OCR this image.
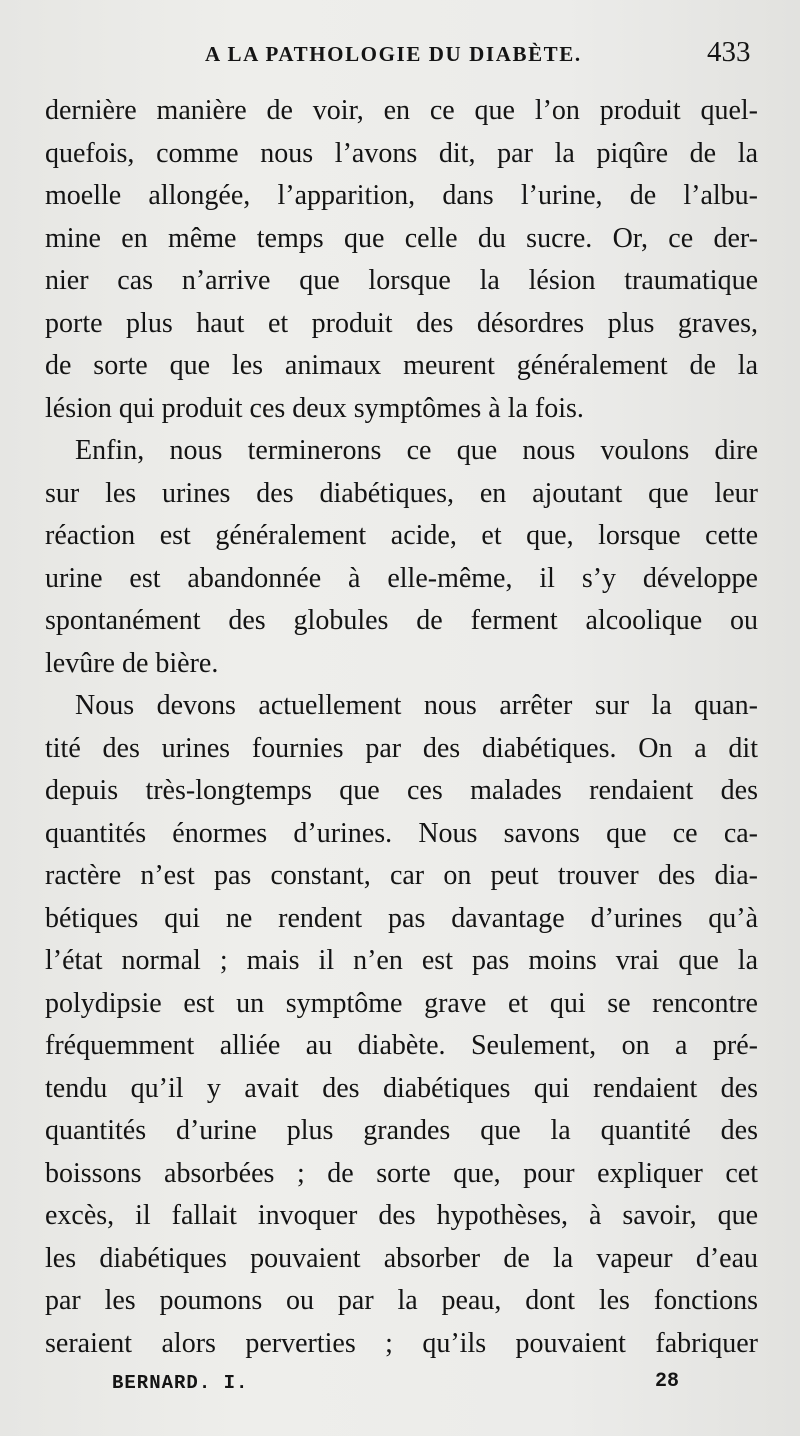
A LA PATHOLOGIE DU DIABÈTE.	433
dernière manière de voir, en ce que l’on produit quel-
quefois, comme nous l’avons dit, par la piqûre de la
moelle allongée, l’apparition, dans l’urine, de l’albu-
mine en même temps que celle du sucre. Or, ce der-
nier cas n’arrive que lorsque la lésion traumatique
porte plus haut et produit des désordres plus graves,
de sorte que les animaux meurent généralement de la
lésion qui produit ces deux symptômes à la fois.
Enfin, nous terminerons ce que nous voulons dire
sur les urines des diabétiques, en ajoutant que leur
réaction est généralement acide, et que, lorsque cette
urine est abandonnée à elle-même, il s’y développe
spontanément des globules de ferment alcoolique ou
levûre de bière.
Nous devons actuellement nous arrêter sur la quan-
tité des urines fournies par des diabétiques. On a dit
depuis très-longtemps que ces malades rendaient des
quantités énormes d’urines. Nous savons que ce ca-
ractère n’est pas constant, car on peut trouver des dia-
bétiques qui ne rendent pas davantage d’urines qu’à
l’état normal ; mais il n’en est pas moins vrai que la
polydipsie est un symptôme grave et qui se rencontre
fréquemment alliée au diabète. Seulement, on a pré-
tendu qu’il y avait des diabétiques qui rendaient des
quantités d’urine plus grandes que la quantité des
boissons absorbées ; de sorte que, pour expliquer cet
excès, il fallait invoquer des hypothèses, à savoir, que
les diabétiques pouvaient absorber de la vapeur d’eau
par les poumons ou par la peau, dont les fonctions
seraient alors perverties ; qu’ils pouvaient fabriquer
BERNARD. I.	28
